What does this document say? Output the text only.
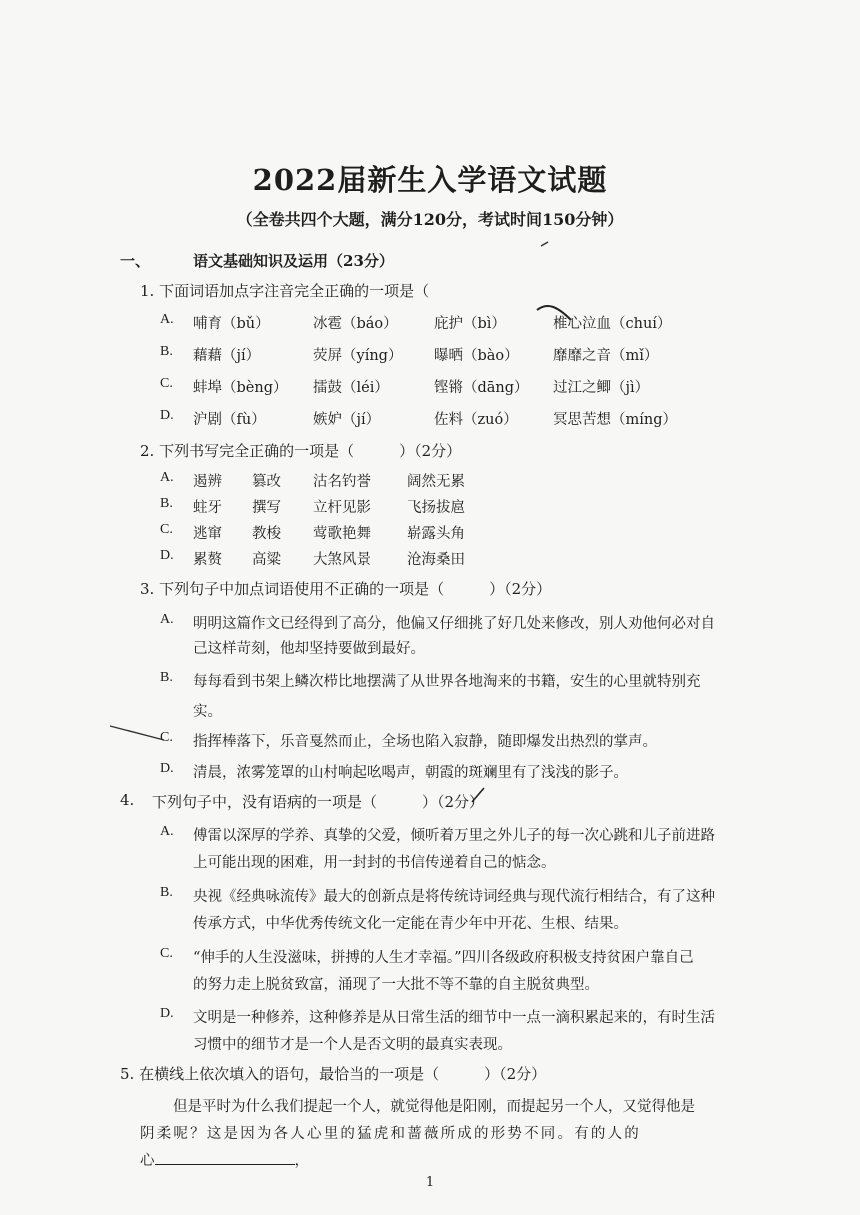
2022届新生入学语文试题
（全卷共四个大题，满分120分，考试时间150分钟）
一、	语文基础知识及运用（23分）
1. 下面词语加点字注音完全正确的一项是（
A. 哺育（bǔ）	冰雹（báo）	庇护（bì）	椎心泣血（chuí）
B. 藉藉（jí）	荧屏（yíng） 曝晒（bào） 靡靡之音（mǐ）
C. 蚌埠（bèng） 擂鼓（léi）	铿锵（dāng） 过江之鲫（jì）
D. 沪剧（fù）	嫉妒（jí）	佐料（zuó） 冥思苦想（míng）
2. 下列书写完全正确的一项是（　　　）（2分）
A. 遏辨 篡改 沽名钓誉 阔然无累
B. 蛀牙 撰写 立杆见影 飞扬拔扈
C. 逃窜 教梭 莺歌艳舞 崭露头角
D. 累赘 高粱 大煞风景 沧海桑田
3. 下列句子中加点词语使用不正确的一项是（　　　）（2分）
A. 明明这篇作文已经得到了高分，他偏又仔细挑了好几处来修改，别人劝他何必对自
己这样苛刻，他却坚持要做到最好。
B. 每每看到书架上鳞次栉比地摆满了从世界各地淘来的书籍，安生的心里就特别充
实。
C. 指挥棒落下，乐音戛然而止，全场也陷入寂静，随即爆发出热烈的掌声。
D. 清晨，浓雾笼罩的山村响起吆喝声，朝霞的斑斓里有了浅浅的影子。
4. 下列句子中，没有语病的一项是（　　　）（2分）
A. 傅雷以深厚的学养、真挚的父爱，倾听着万里之外儿子的每一次心跳和儿子前进路
上可能出现的困难，用一封封的书信传递着自己的惦念。
B. 央视《经典咏流传》最大的创新点是将传统诗词经典与现代流行相结合，有了这种
传承方式，中华优秀传统文化一定能在青少年中开花、生根、结果。
C. “伸手的人生没滋味，拼搏的人生才幸福。”四川各级政府积极支持贫困户靠自己
的努力走上脱贫致富，涌现了一大批不等不靠的自主脱贫典型。
D. 文明是一种修养，这种修养是从日常生活的细节中一点一滴积累起来的，有时生活
习惯中的细节才是一个人是否文明的最真实表现。
5. 在横线上依次填入的语句，最恰当的一项是（　　　）（2分）
但是平时为什么我们提起一个人，就觉得他是阳刚，而提起另一个人，又觉得他是
阴柔呢？这是因为各人心里的猛虎和蔷薇所成的形势不同。有的人的
心	，
1
